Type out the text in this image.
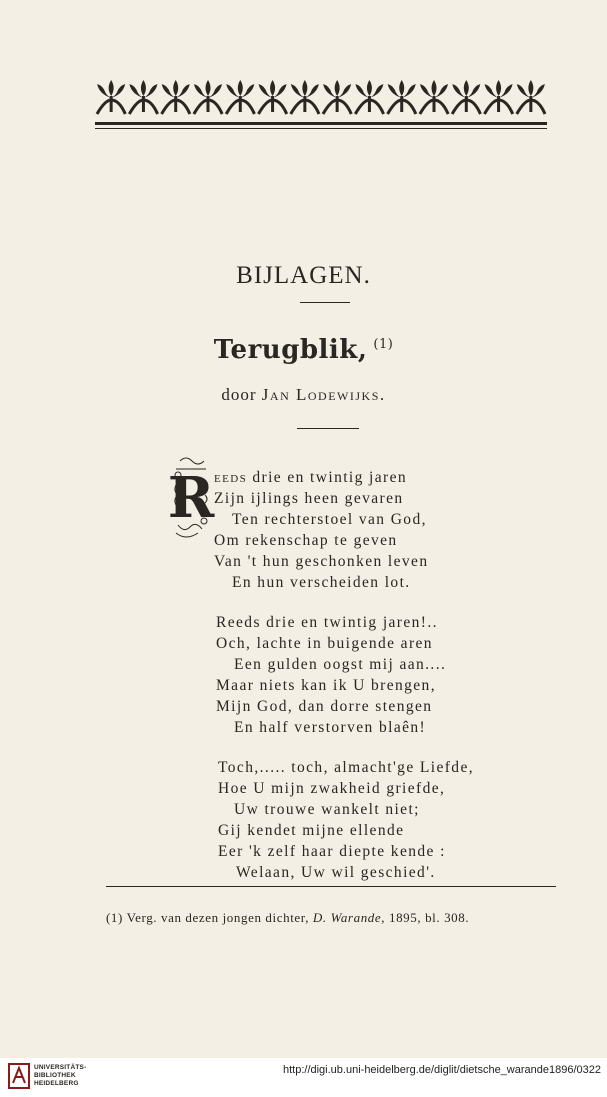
BIJLAGEN.
Terugblik, $^{(1)}$
door Jan Lodewijks.
R eeds drie en twintig jaren
Zijn ijlings heen gevaren
Ten rechterstoel van God,
Om rekenschap te geven
Van 't hun geschonken leven
En hun verscheiden lot.
Reeds drie en twintig jaren!..
Och, lachte in buigende aren
Een gulden oogst mij aan....
Maar niets kan ik U brengen,
Mijn God, dan dorre stengen
En half verstorven blaên!
Toch,..... toch, almacht'ge Liefde,
Hoe U mijn zwakheid griefde,
Uw trouwe wankelt niet;
Gij kendet mijne ellende
Eer 'k zelf haar diepte kende :
Welaan, Uw wil geschied'.
(1) Verg. van dezen jongen dichter, D. Warande, 1895, bl. 308.
UNIVERSITÄTS-
BIBLIOTHEK
HEIDELBERG
http://digi.ub.uni-heidelberg.de/diglit/dietsche_warande1896/0322
